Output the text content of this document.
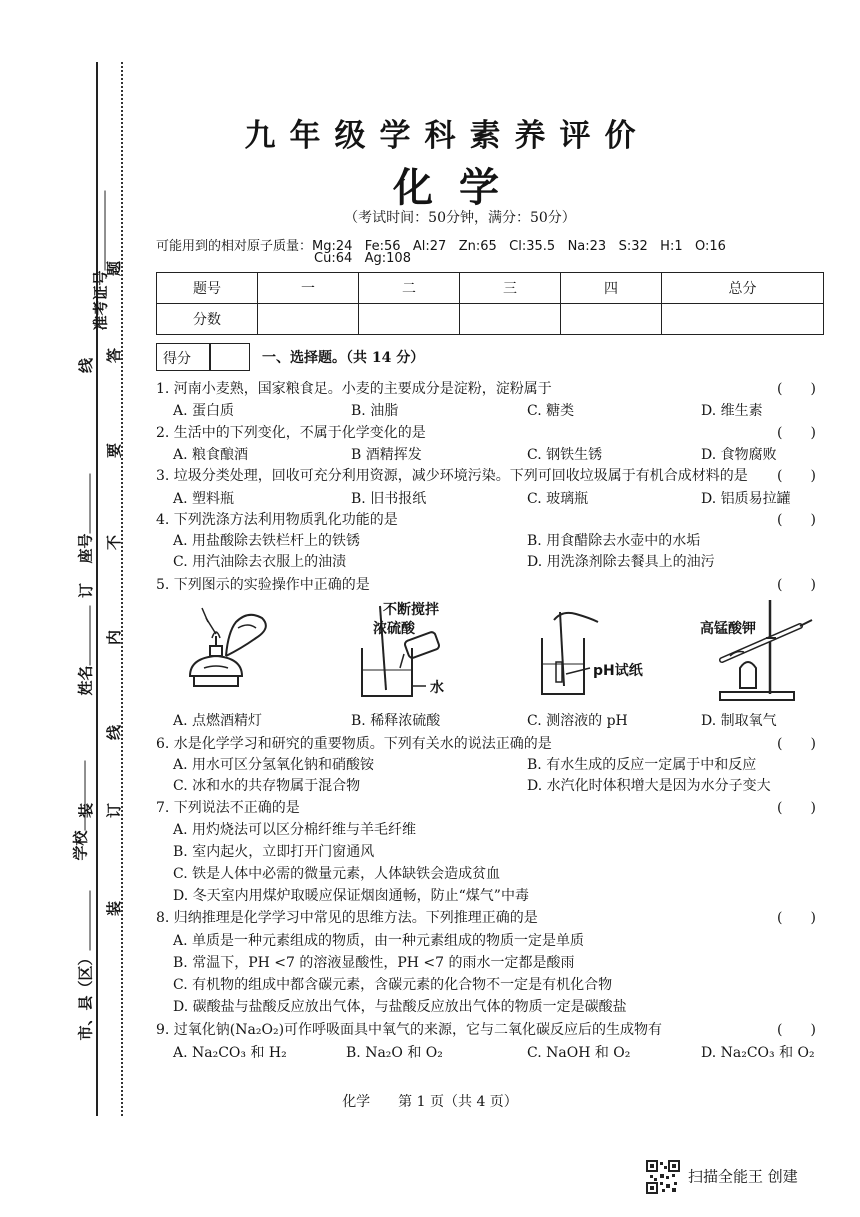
准考证号
座号
姓名
学校
市、县（区）
线
订
装
题
答
要
不
内
线
订
装
九年级学科素养评价
化学
（考试时间：50分钟，满分：50分）
可能用到的相对原子质量：Mg:24   Fe:56   Al:27   Zn:65   Cl:35.5   Na:23   S:32   H:1   O:16
Cu:64   Ag:108
题号	一	二	三	四	总分
分数					
得分	一、选择题。（共 14 分）
1. 河南小麦熟，国家粮食足。小麦的主要成分是淀粉，淀粉属于	(　　)
A. 蛋白质	B. 油脂	C. 糖类	D. 维生素
2. 生活中的下列变化，不属于化学变化的是	(　　)
A. 粮食酿酒	B 酒精挥发	C. 钢铁生锈	D. 食物腐败
3. 垃圾分类处理，回收可充分利用资源，减少环境污染。下列可回收垃圾属于有机合成材料的是 (　　)
A. 塑料瓶	B. 旧书报纸	C. 玻璃瓶	D. 铝质易拉罐
4. 下列洗涤方法利用物质乳化功能的是	(　　)
A. 用盐酸除去铁栏杆上的铁锈	B. 用食醋除去水壶中的水垢
C. 用汽油除去衣服上的油渍	D. 用洗涤剂除去餐具上的油污
5. 下列图示的实验操作中正确的是	(　　)
不断搅拌
浓硫酸
水
pH试纸
高锰酸钾
A. 点燃酒精灯	B. 稀释浓硫酸	C. 测溶液的 pH	D. 制取氧气
6. 水是化学学习和研究的重要物质。下列有关水的说法正确的是	(　　)
A. 用水可区分氢氧化钠和硝酸铵	B. 有水生成的反应一定属于中和反应
C. 冰和水的共存物属于混合物	D. 水汽化时体积增大是因为水分子变大
7. 下列说法不正确的是	(　　)
A. 用灼烧法可以区分棉纤维与羊毛纤维
B. 室内起火，立即打开门窗通风
C. 铁是人体中必需的微量元素，人体缺铁会造成贫血
D. 冬天室内用煤炉取暖应保证烟囱通畅，防止“煤气”中毒
8. 归纳推理是化学学习中常见的思维方法。下列推理正确的是	(　　)
A. 单质是一种元素组成的物质，由一种元素组成的物质一定是单质
B. 常温下，PH <7 的溶液显酸性，PH <7 的雨水一定都是酸雨
C. 有机物的组成中都含碳元素，含碳元素的化合物不一定是有机化合物
D. 碳酸盐与盐酸反应放出气体，与盐酸反应放出气体的物质一定是碳酸盐
9. 过氧化钠(Na₂O₂)可作呼吸面具中氧气的来源，它与二氧化碳反应后的生成物有	(　　)
A. Na₂CO₃ 和 H₂	B. Na₂O 和 O₂	C. NaOH 和 O₂	D. Na₂CO₃ 和 O₂
化学　　第 1 页（共 4 页）
扫描全能王 创建
